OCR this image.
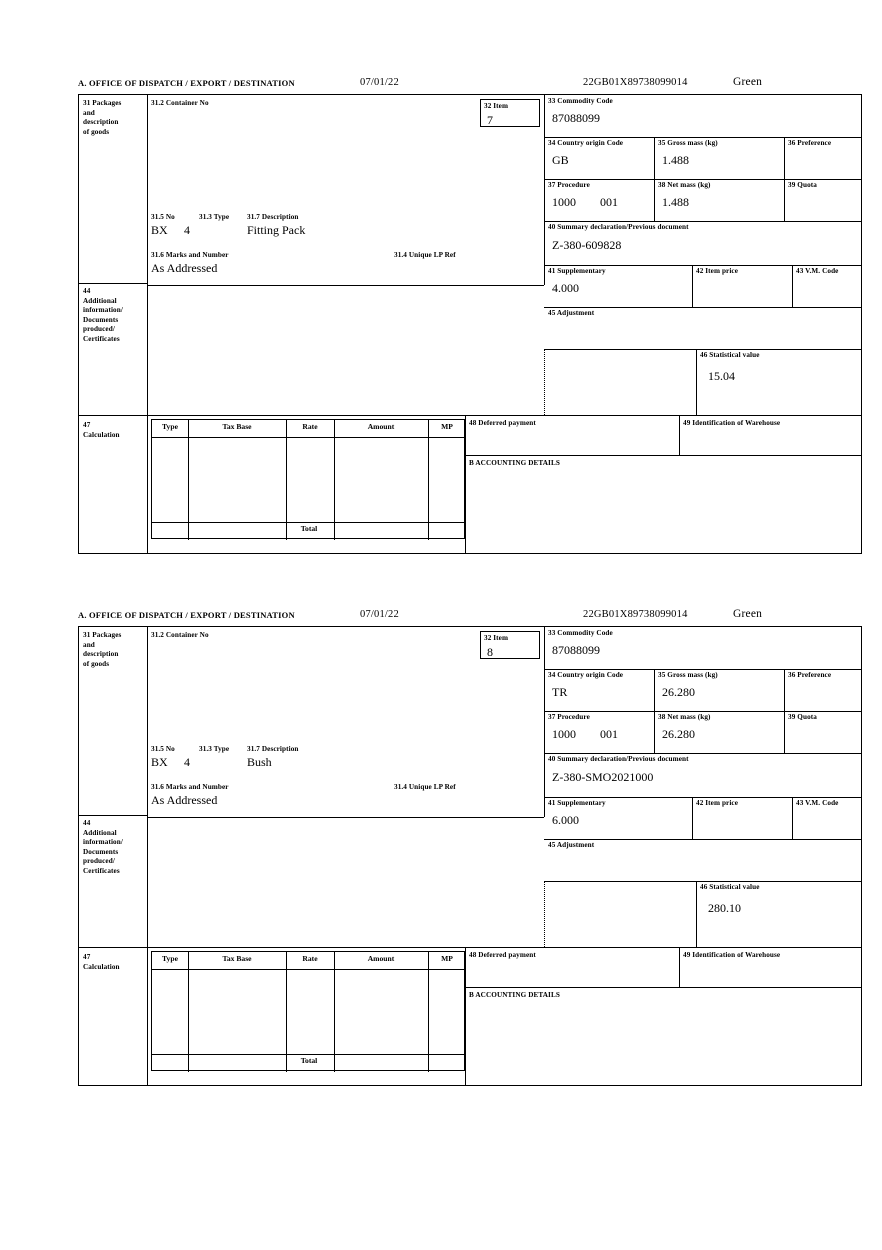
A. OFFICE OF DISPATCH / EXPORT / DESTINATION	07/01/22	22GB01X89738099014	Green
31 Packages
and
description
of goods
31.2 Container No
31.5 No	31.3 Type 31.7 Description
BX 4	Fitting Pack
31.6 Marks and Number	31.4 Unique LP Ref
As Addressed
32 Item
7
33 Commodity Code
87088099
34 Country origin Code
GB
35 Gross mass (kg)
1.488
36 Preference
37 Procedure
1000 001
38 Net mass (kg)
1.488
39 Quota
40 Summary declaration/Previous document
Z-380-609828
41 Supplementary
4.000
42 Item price	43 V.M. Code
45 Adjustment
46 Statistical value
15.04
44
Additional
information/
Documents
produced/
Certificates
47
Calculation
Type	Tax Base	Rate	Amount	MP
Total
48 Deferred payment	49 Identification of Warehouse
B ACCOUNTING DETAILS
A. OFFICE OF DISPATCH / EXPORT / DESTINATION	07/01/22	22GB01X89738099014	Green
31 Packages
and
description
of goods
31.2 Container No
31.5 No	31.3 Type 31.7 Description
BX 4	Bush
31.6 Marks and Number	31.4 Unique LP Ref
As Addressed
32 Item
8
33 Commodity Code
87088099
34 Country origin Code
TR
35 Gross mass (kg)
26.280
36 Preference
37 Procedure
1000 001
38 Net mass (kg)
26.280
39 Quota
40 Summary declaration/Previous document
Z-380-SMO2021000
41 Supplementary
6.000
42 Item price	43 V.M. Code
45 Adjustment
46 Statistical value
280.10
44
Additional
information/
Documents
produced/
Certificates
47
Calculation
Type	Tax Base	Rate	Amount	MP
Total
48 Deferred payment	49 Identification of Warehouse
B ACCOUNTING DETAILS
